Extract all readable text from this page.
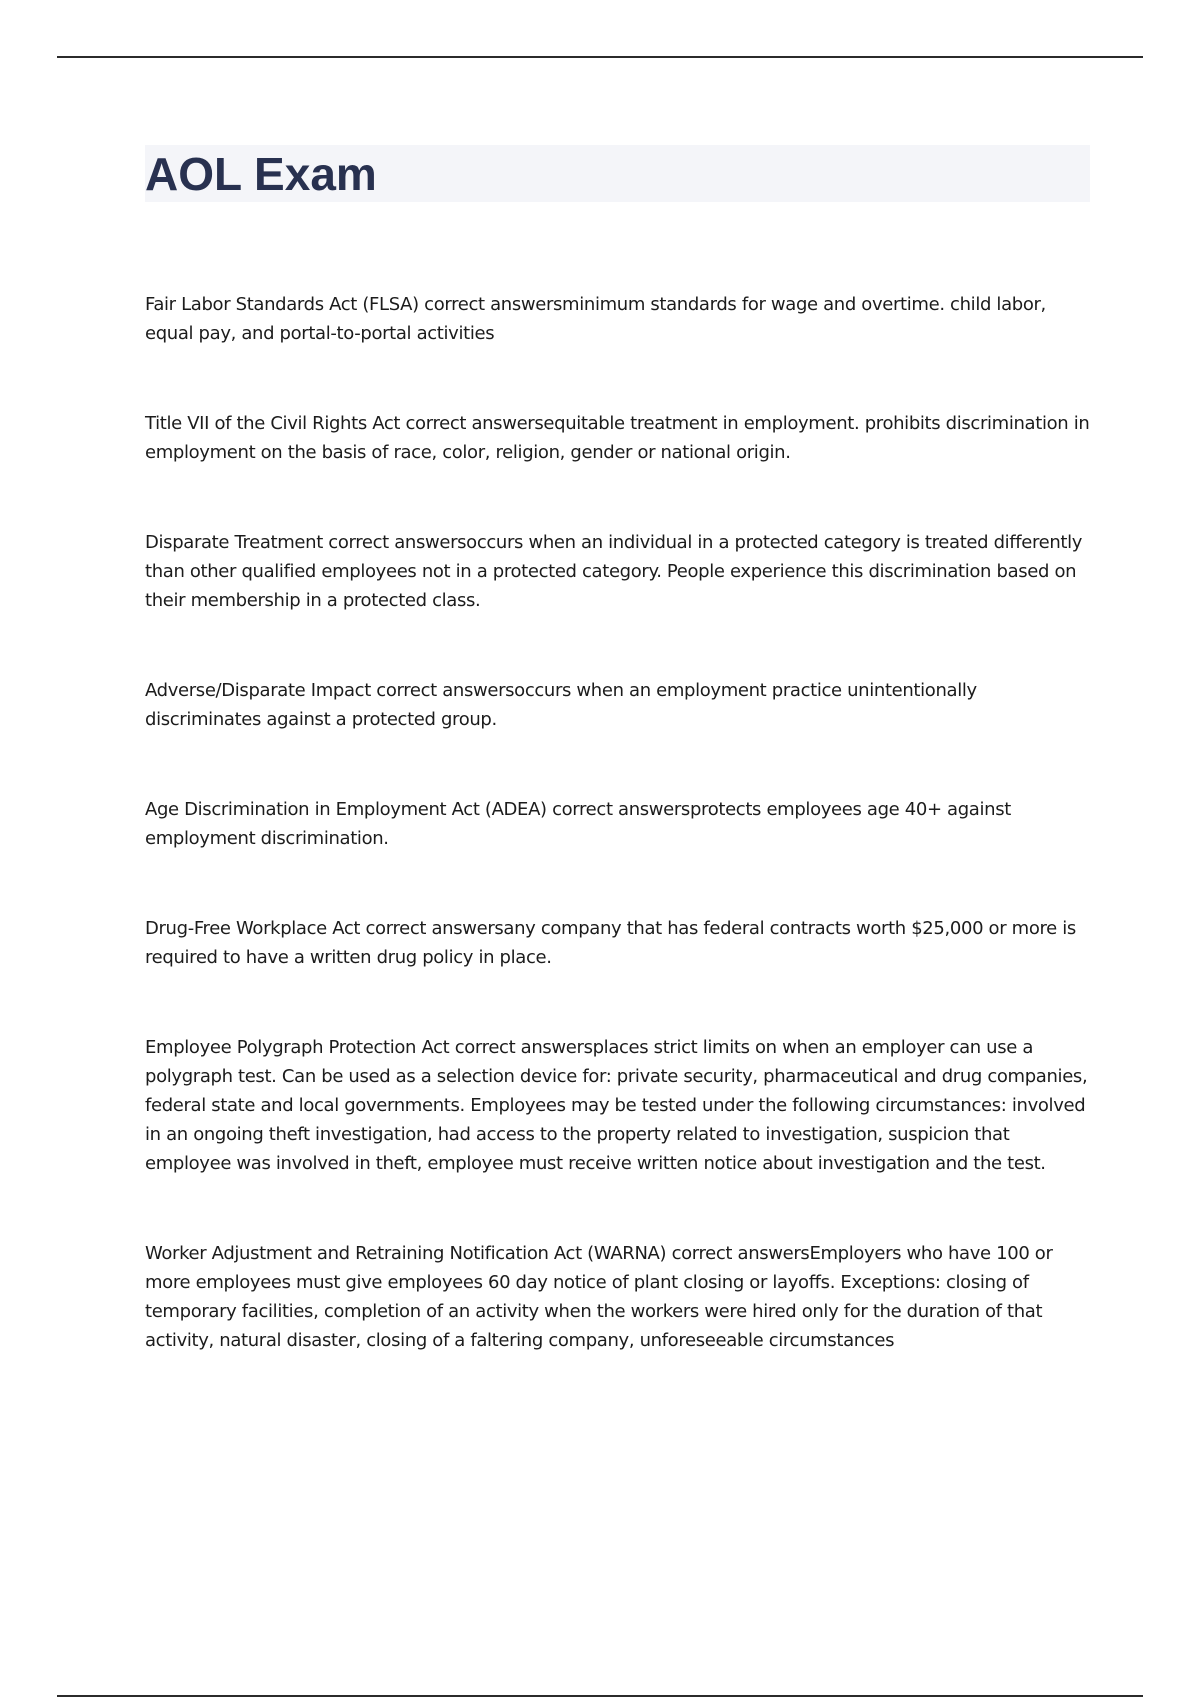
AOL Exam

Fair Labor Standards Act (FLSA) correct answersminimum standards for wage and overtime. child labor, equal pay, and portal-to-portal activities

Title VII of the Civil Rights Act correct answersequitable treatment in employment. prohibits discrimination in employment on the basis of race, color, religion, gender or national origin.

Disparate Treatment correct answersoccurs when an individual in a protected category is treated differently than other qualified employees not in a protected category. People experience this discrimination based on their membership in a protected class.

Adverse/Disparate Impact correct answersoccurs when an employment practice unintentionally discriminates against a protected group.

Age Discrimination in Employment Act (ADEA) correct answersprotects employees age 40+ against employment discrimination.

Drug-Free Workplace Act correct answersany company that has federal contracts worth $25,000 or more is required to have a written drug policy in place.

Employee Polygraph Protection Act correct answersplaces strict limits on when an employer can use a polygraph test. Can be used as a selection device for: private security, pharmaceutical and drug companies, federal state and local governments. Employees may be tested under the following circumstances: involved in an ongoing theft investigation, had access to the property related to investigation, suspicion that employee was involved in theft, employee must receive written notice about investigation and the test.

Worker Adjustment and Retraining Notification Act (WARNA) correct answersEmployers who have 100 or more employees must give employees 60 day notice of plant closing or layoffs. Exceptions: closing of temporary facilities, completion of an activity when the workers were hired only for the duration of that activity, natural disaster, closing of a faltering company, unforeseeable circumstances
